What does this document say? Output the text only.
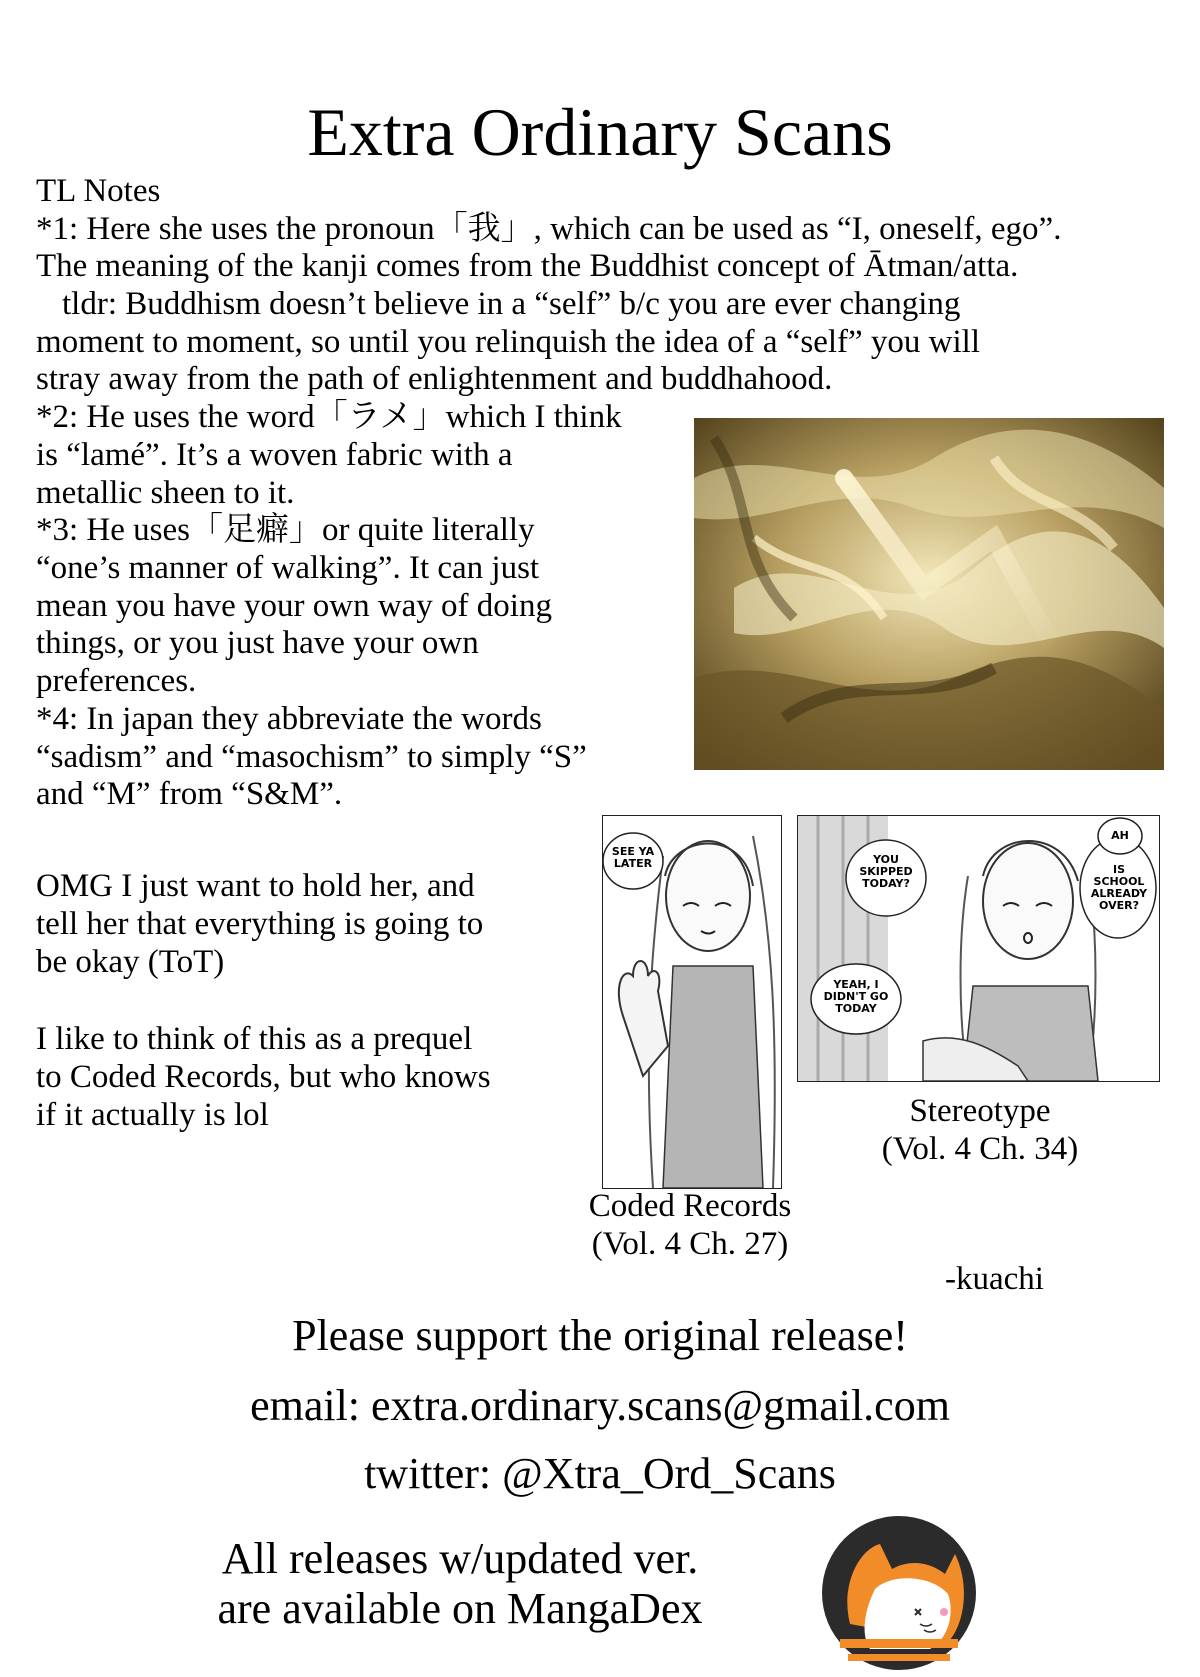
Extra Ordinary Scans
TL Notes
*1: Here she uses the pronoun「我」, which can be used as “I, oneself, ego”.
The meaning of the kanji comes from the Buddhist concept of Ātman/atta.
tldr: Buddhism doesn’t believe in a “self” b/c you are ever changing
moment to moment, so until you relinquish the idea of a “self” you will
stray away from the path of enlightenment and buddhahood.
*2: He uses the word「ラメ」which I think
is “lamé”. It’s a woven fabric with a
metallic sheen to it.
*3: He uses「足癖」or quite literally
“one’s manner of walking”. It can just
mean you have your own way of doing
things, or you just have your own
preferences.
*4: In japan they abbreviate the words
“sadism” and “masochism” to simply “S”
and “M” from “S&M”.
OMG I just want to hold her, and
tell her that everything is going to
be okay (ToT)
I like to think of this as a prequel
to Coded Records, but who knows
if it actually is lol
SEE YA
LATER	YOU
SKIPPED
TODAY?
AH
IS
SCHOOL
ALREADY
OVER?
YEAH, I
DIDN'T GO
TODAY
Stereotype
(Vol. 4 Ch. 34)
Coded Records
(Vol. 4 Ch. 27)
-kuachi
Please support the original release!
email: extra.ordinary.scans@gmail.com
twitter: @Xtra_Ord_Scans
All releases w/updated ver.
are available on MangaDex
